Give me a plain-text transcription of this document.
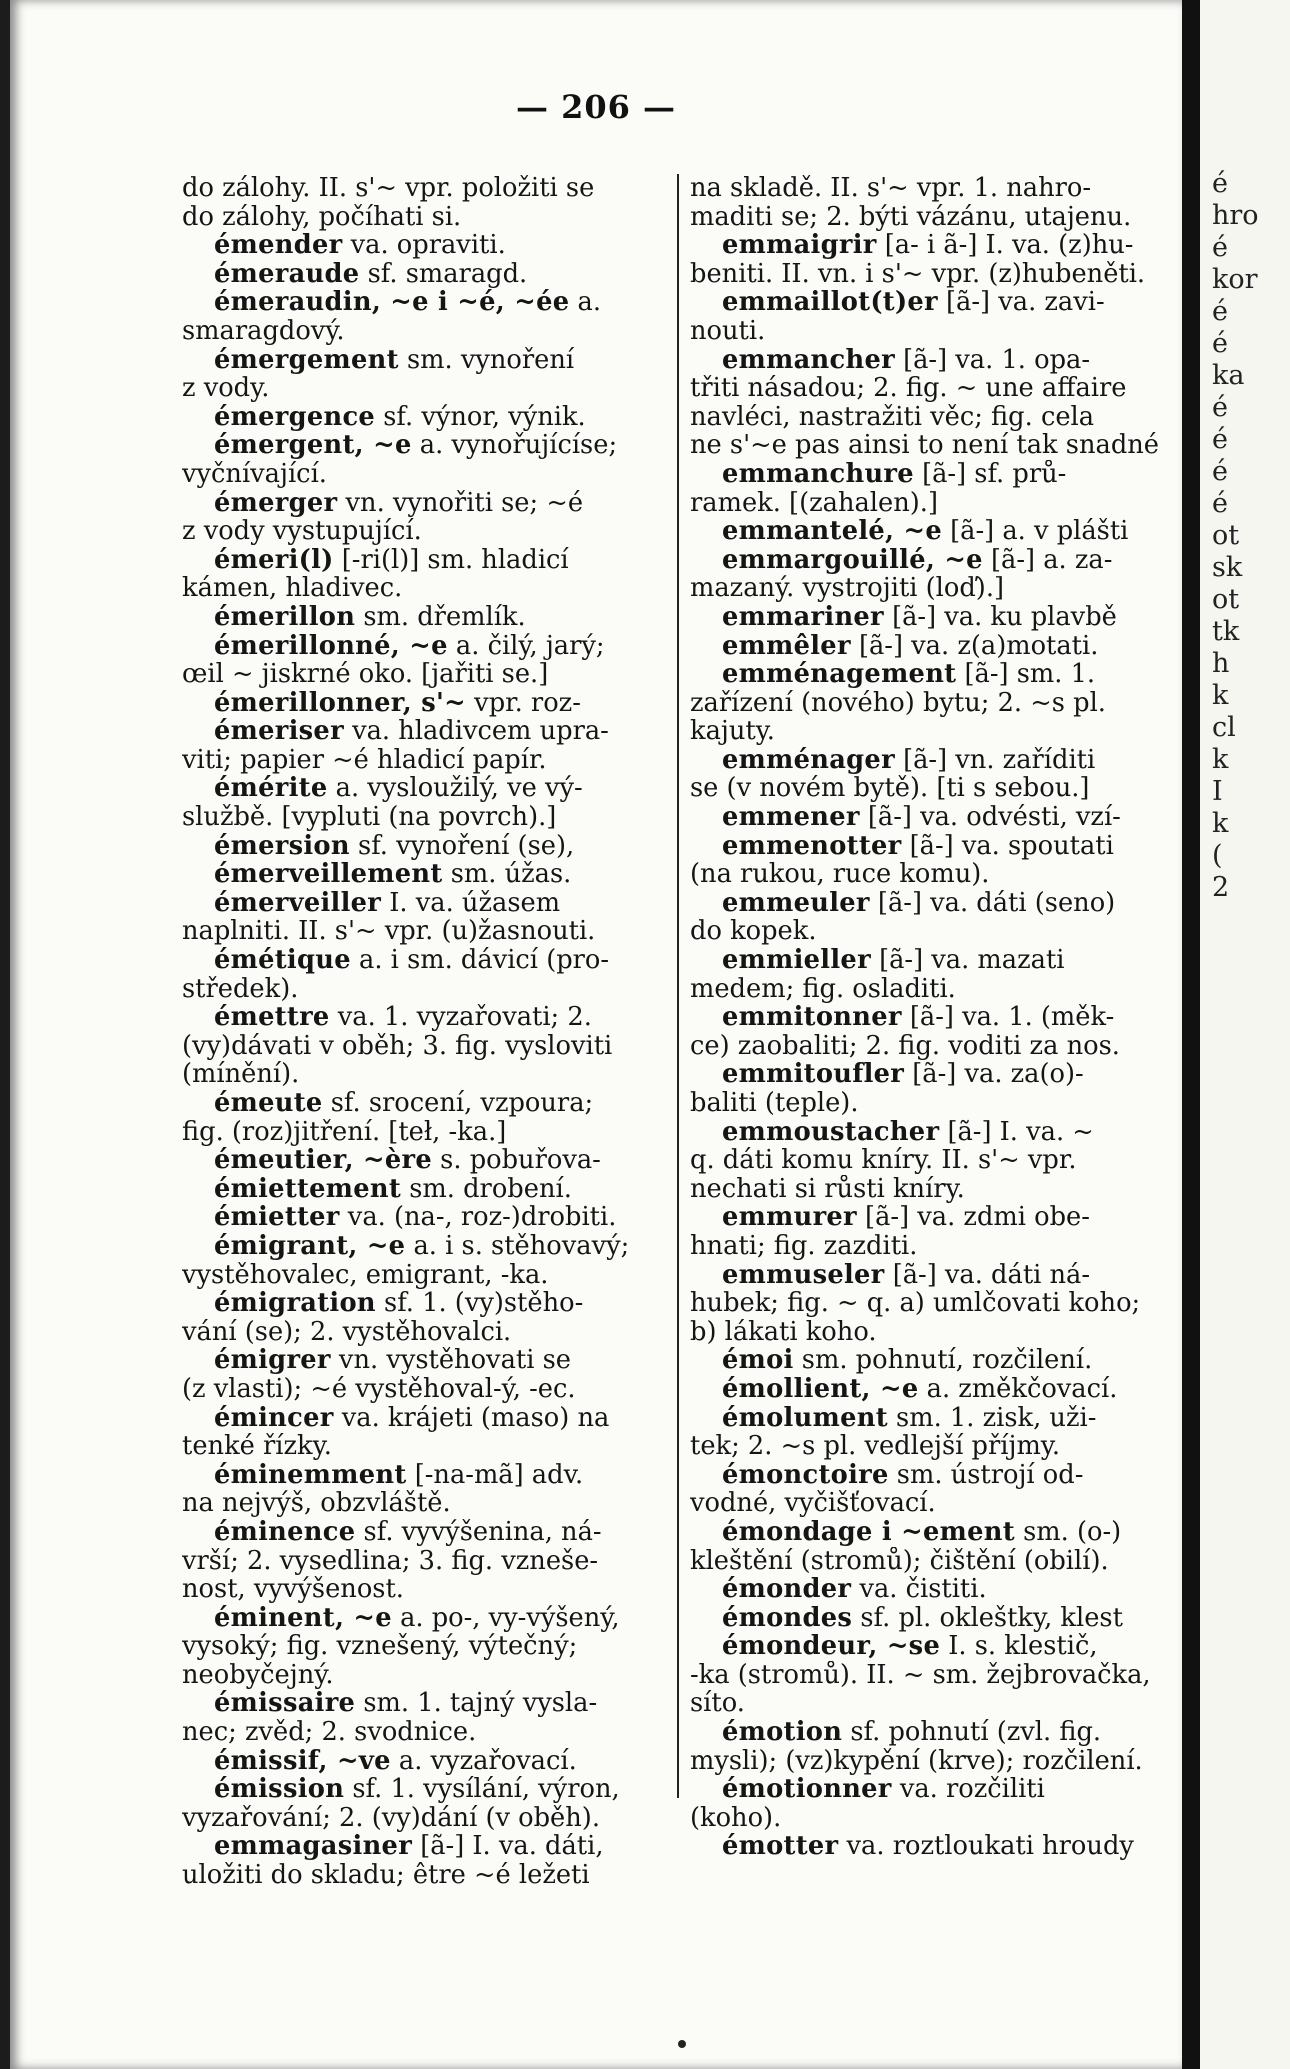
— 206 —
do zálohy. II. s'~ vpr. položiti se
do zálohy, počíhati si.
émender va. opraviti.
émeraude sf. smaragd.
émeraudin, ~e i ~é, ~ée a.
smaragdový.
émergement sm. vynoření
z vody.
émergence sf. výnor, výnik.
émergent, ~e a. vynořujícíse;
vyčnívající.
émerger vn. vynořiti se; ~é
z vody vystupující.
émeri(l) [-ri(l)] sm. hladicí
kámen, hladivec.
émerillon sm. dřemlík.
émerillonné, ~e a. čilý, jarý;
œil ~ jiskrné oko. [jařiti se.]
émerillonner, s'~ vpr. roz-
émeriser va. hladivcem upra-
viti; papier ~é hladicí papír.
émérite a. vysloužilý, ve vý-
službě. [vypluti (na povrch).]
émersion sf. vynoření (se),
émerveillement sm. úžas.
émerveiller I. va. úžasem
naplniti. II. s'~ vpr. (u)žasnouti.
émétique a. i sm. dávicí (pro-
středek).
émettre va. 1. vyzařovati; 2.
(vy)dávati v oběh; 3. fig. vysloviti
(mínění).
émeute sf. srocení, vzpoura;
fig. (roz)jitření. [teł, -ka.]
émeutier, ~ère s. pobuřova-
émiettement sm. drobení.
émietter va. (na-, roz-)drobiti.
émigrant, ~e a. i s. stěhovavý;
vystěhovalec, emigrant, -ka.
émigration sf. 1. (vy)stěho-
vání (se); 2. vystěhovalci.
émigrer vn. vystěhovati se
(z vlasti); ~é vystěhoval-ý, -ec.
émincer va. krájeti (maso) na
tenké řízky.
éminemment [-na-mã] adv.
na nejvýš, obzvláště.
éminence sf. vyvýšenina, ná-
vrší; 2. vysedlina; 3. fig. vzneše-
nost, vyvýšenost.
éminent, ~e a. po-, vy-výšený,
vysoký; fig. vznešený, výtečný;
neobyčejný.
émissaire sm. 1. tajný vysla-
nec; zvěd; 2. svodnice.
émissif, ~ve a. vyzařovací.
émission sf. 1. vysílání, výron,
vyzařování; 2. (vy)dání (v oběh).
emmagasiner [ã-] I. va. dáti,
uložiti do skladu; être ~é ležeti
na skladě. II. s'~ vpr. 1. nahro-
maditi se; 2. býti vázánu, utajenu.
emmaigrir [a- i ã-] I. va. (z)hu-
beniti. II. vn. i s'~ vpr. (z)hubeněti.
emmaillot(t)er [ã-] va. zavi-
nouti.
emmancher [ã-] va. 1. opa-
třiti násadou; 2. fig. ~ une affaire
navléci, nastražiti věc; fig. cela
ne s'~e pas ainsi to není tak snadné
emmanchure [ã-] sf. prů-
ramek. [(zahalen).]
emmantelé, ~e [ã-] a. v plášti
emmargouillé, ~e [ã-] a. za-
mazaný. vystrojiti (loď).]
emmariner [ã-] va. ku plavbě
emmêler [ã-] va. z(a)motati.
emménagement [ã-] sm. 1.
zařízení (nového) bytu; 2. ~s pl.
kajuty.
emménager [ã-] vn. zaříditi
se (v novém bytě). [ti s sebou.]
emmener [ã-] va. odvésti, vzí-
emmenotter [ã-] va. spoutati
(na rukou, ruce komu).
emmeuler [ã-] va. dáti (seno)
do kopek.
emmieller [ã-] va. mazati
medem; fig. osladiti.
emmitonner [ã-] va. 1. (měk-
ce) zaobaliti; 2. fig. voditi za nos.
emmitoufler [ã-] va. za(o)-
baliti (teple).
emmoustacher [ã-] I. va. ~
q. dáti komu kníry. II. s'~ vpr.
nechati si růsti kníry.
emmurer [ã-] va. zdmi obe-
hnati; fig. zazditi.
emmuseler [ã-] va. dáti ná-
hubek; fig. ~ q. a) umlčovati koho;
b) lákati koho.
émoi sm. pohnutí, rozčilení.
émollient, ~e a. změkčovací.
émolument sm. 1. zisk, uži-
tek; 2. ~s pl. vedlejší příjmy.
émonctoire sm. ústrojí od-
vodné, vyčišťovací.
émondage i ~ement sm. (o-)
kleštění (stromů); čištění (obilí).
émonder va. čistiti.
émondes sf. pl. okleštky, klest
émondeur, ~se I. s. klestič,
-ka (stromů). II. ~ sm. žejbrovačka,
síto.
émotion sf. pohnutí (zvl. fig.
mysli); (vz)kypění (krve); rozčilení.
émotionner va. rozčiliti
(koho).
émotter va. roztloukati hroudy
é
hro
é
kor
é
é
ka
é
é
é
é
ot
sk
ot
tk
h
k
cl
k
I
k
(
2
